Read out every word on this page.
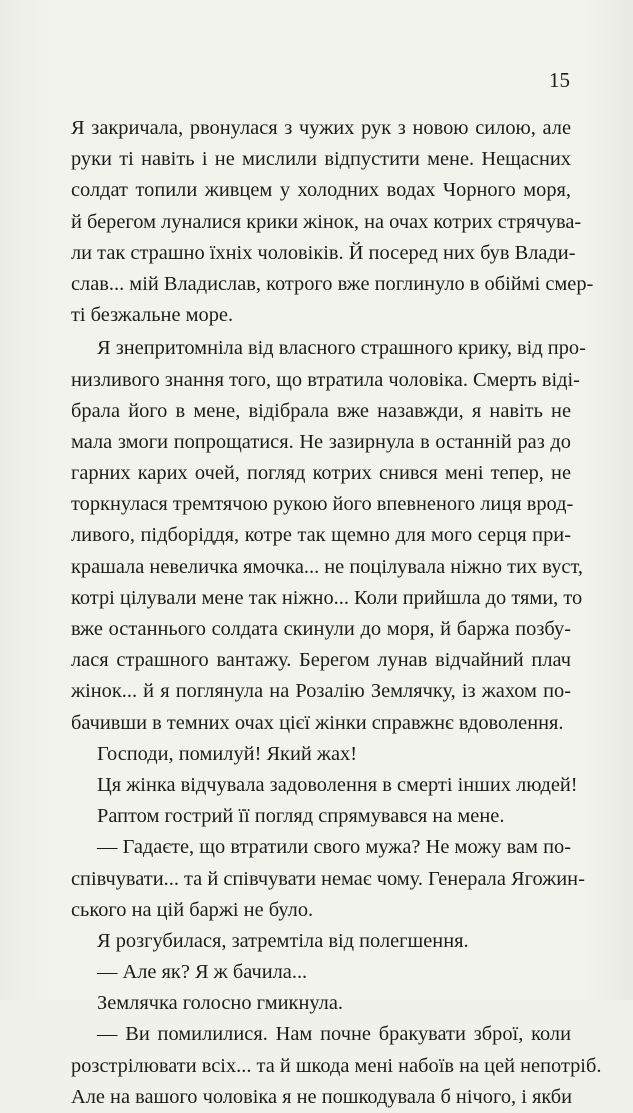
15
Я закричала, рвонулася з чужих рук з новою силою, але
руки ті навіть і не мислили відпустити мене. Нещасних
солдат топили живцем у холодних водах Чорного моря,
й берегом луналися крики жінок, на очах котрих стрячува-
ли так страшно їхніх чоловіків. Й посеред них був Влади-
слав... мій Владислав, котрого вже поглинуло в обіймі смер-
ті безжальне море.
Я знепритомніла від власного страшного крику, від про-
низливого знання того, що втратила чоловіка. Смерть віді-
брала його в мене, відібрала вже назавжди, я навіть не
мала змоги попрощатися. Не зазирнула в останній раз до
гарних карих очей, погляд котрих снився мені тепер, не
торкнулася тремтячою рукою його впевненого лиця врод-
ливого, підборіддя, котре так щемно для мого серця при-
крашала невеличка ямочка... не поцілувала ніжно тих вуст,
котрі цілували мене так ніжно... Коли прийшла до тями, то
вже останнього солдата скинули до моря, й баржа позбу-
лася страшного вантажу. Берегом лунав відчайний плач
жінок... й я поглянула на Розалію Землячку, із жахом по-
бачивши в темних очах цієї жінки справжнє вдоволення.
Господи, помилуй! Який жах!
Ця жінка відчувала задоволення в смерті інших людей!
Раптом гострий її погляд спрямувався на мене.
— Гадаєте, що втратили свого мужа? Не можу вам по-
співчувати... та й співчувати немає чому. Генерала Ягожин-
ського на цій баржі не було.
Я розгубилася, затремтіла від полегшення.
— Але як? Я ж бачила...
Землячка голосно гмикнула.
— Ви помилилися. Нам почне бракувати зброї, коли
розстрілювати всіх... та й шкода мені набоїв на цей непотріб.
Але на вашого чоловіка я не пошкодувала б нічого, і якби
